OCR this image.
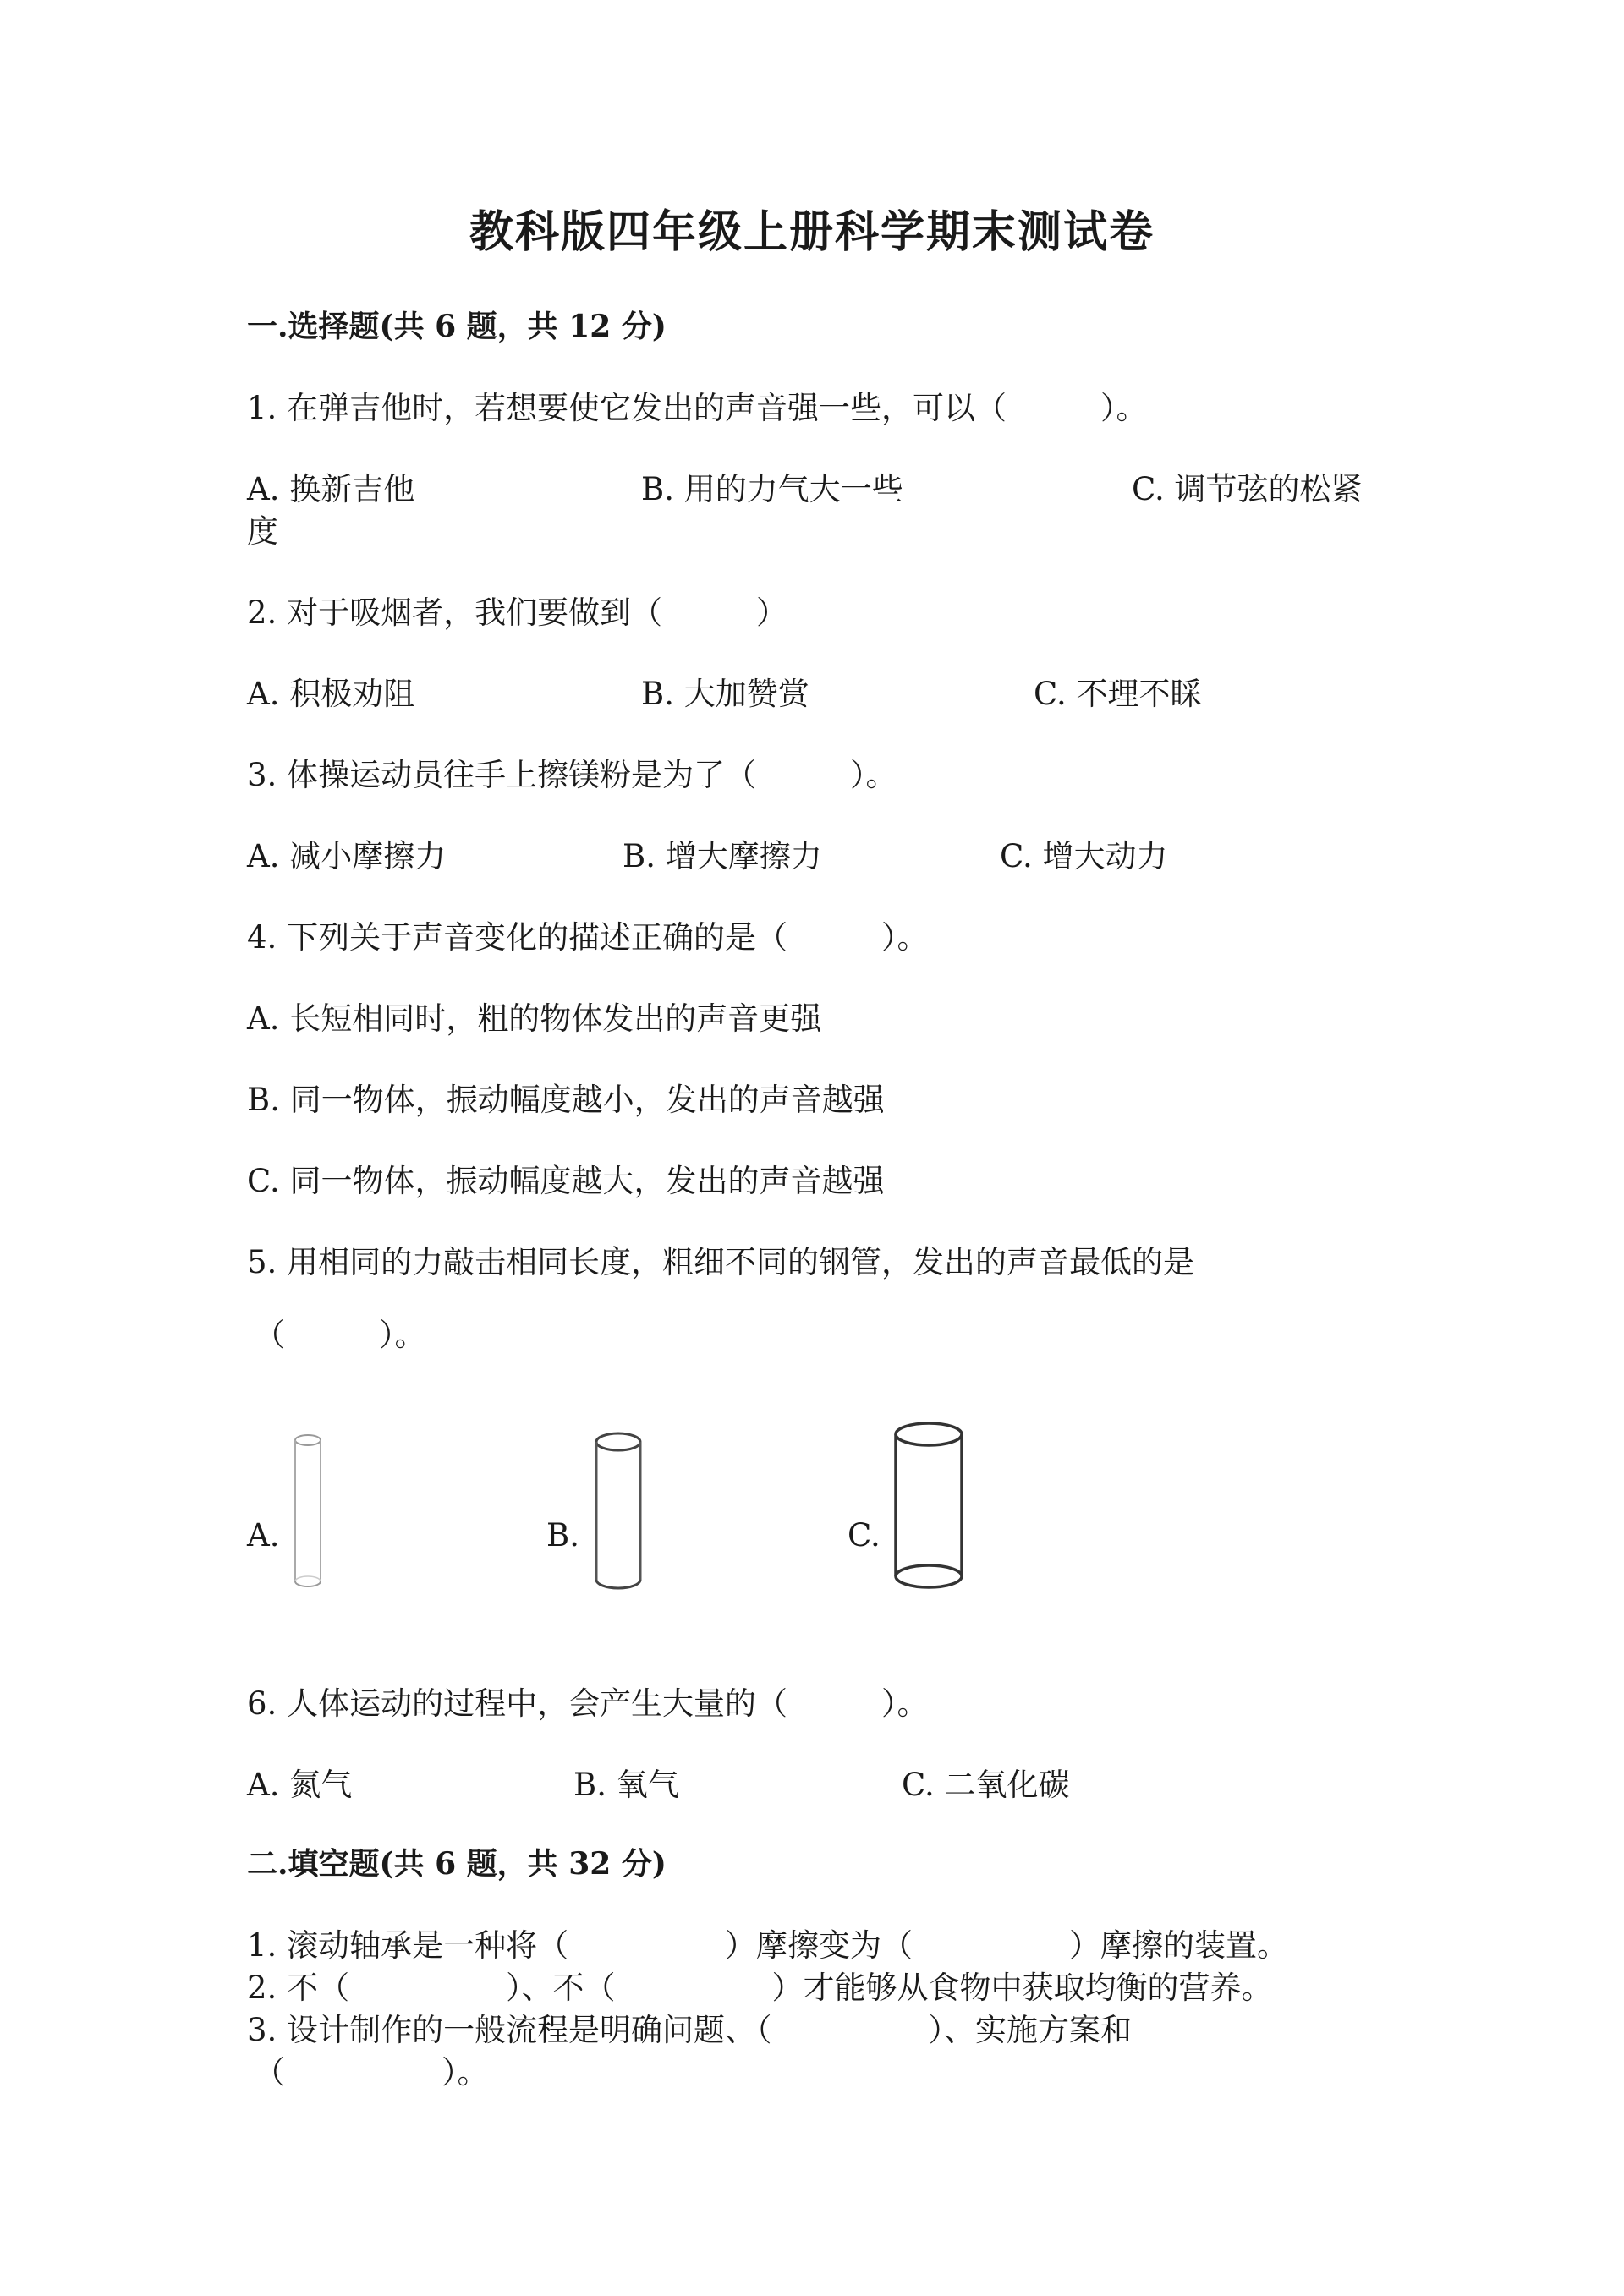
教科版四年级上册科学期末测试卷
一.选择题(共 6 题，共 12 分)
1. 在弹吉他时，若想要使它发出的声音强一些，可以（　　　）。
A. 换新吉他	B. 用的力气大一些	C. 调节弦的松紧
度
2. 对于吸烟者，我们要做到（　　　）
A. 积极劝阻	B. 大加赞赏	C. 不理不睬
3. 体操运动员往手上擦镁粉是为了（　　　）。
A. 减小摩擦力	B. 增大摩擦力	C. 增大动力
4. 下列关于声音变化的描述正确的是（　　　）。
A. 长短相同时，粗的物体发出的声音更强
B. 同一物体，振动幅度越小，发出的声音越强
C. 同一物体，振动幅度越大，发出的声音越强
5. 用相同的力敲击相同长度，粗细不同的钢管，发出的声音最低的是
（　　　）。
A.	B.	C.
6. 人体运动的过程中，会产生大量的（　　　）。
A. 氮气	B. 氧气	C. 二氧化碳
二.填空题(共 6 题，共 32 分)
1. 滚动轴承是一种将（　　　　　）摩擦变为（　　　　　）摩擦的装置。
2. 不（　　　　　）、不（　　　　　）才能够从食物中获取均衡的营养。
3. 设计制作的一般流程是明确问题、（　　　　　）、实施方案和
（　　　　　）。
